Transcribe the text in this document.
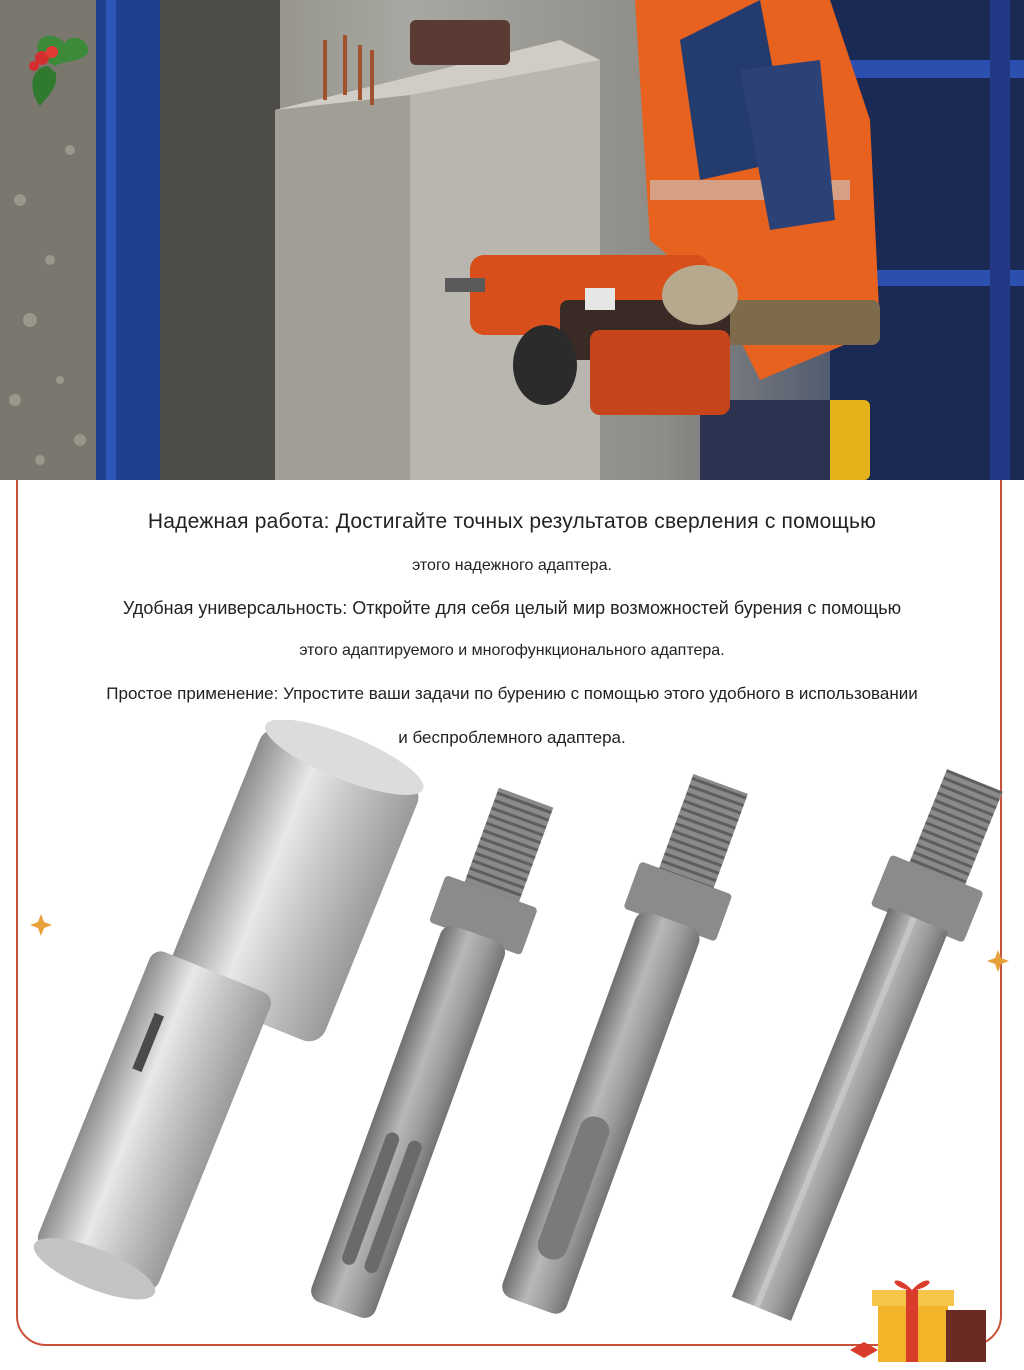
Надежная работа: Достигайте точных результатов сверления с помощью
этого надежного адаптера.
Удобная универсальность: Откройте для себя целый мир возможностей бурения с помощью
этого адаптируемого и многофункционального адаптера.
Простое применение: Упростите ваши задачи по бурению с помощью этого удобного в использовании
и беспроблемного адаптера.
